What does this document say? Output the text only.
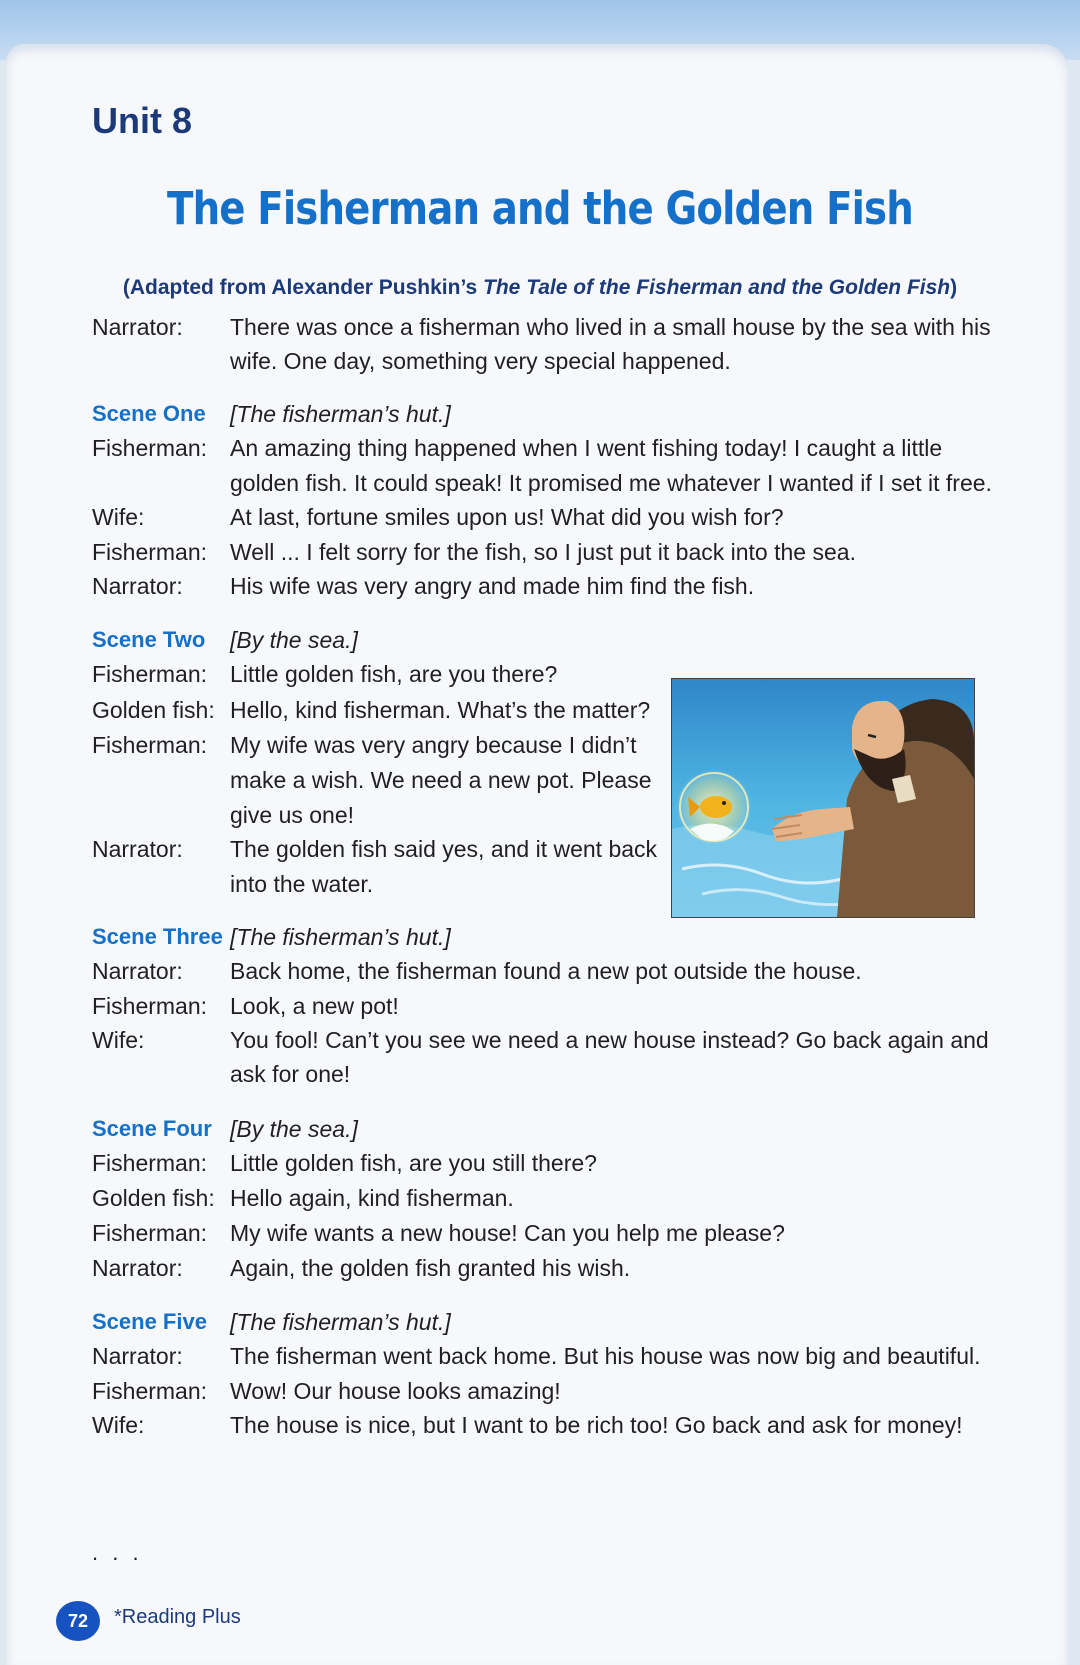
Unit 8
The Fisherman and the Golden Fish
(Adapted from Alexander Pushkin’s The Tale of the Fisherman and the Golden Fish)
Narrator:	There was once a fisherman who lived in a small house by the sea with his
wife. One day, something very special happened.
Scene One	[The fisherman’s hut.]
Fisherman: An amazing thing happened when I went fishing today! I caught a little
golden fish. It could speak! It promised me whatever I wanted if I set it free.
Wife:	At last, fortune smiles upon us! What did you wish for?
Fisherman: Well ... I felt sorry for the fish, so I just put it back into the sea.
Narrator:	His wife was very angry and made him find the fish.
Scene Two	[By the sea.]
Fisherman: Little golden fish, are you there?
Golden fish: Hello, kind fisherman. What’s the matter?
Fisherman: My wife was very angry because I didn’t
make a wish. We need a new pot. Please
give us one!
Narrator:	The golden fish said yes, and it went back
into the water.
Scene Three [The fisherman’s hut.]
Narrator:	Back home, the fisherman found a new pot outside the house.
Fisherman: Look, a new pot!
Wife:	You fool! Can’t you see we need a new house instead? Go back again and
ask for one!
Scene Four [By the sea.]
Fisherman: Little golden fish, are you still there?
Golden fish: Hello again, kind fisherman.
Fisherman: My wife wants a new house! Can you help me please?
Narrator:	Again, the golden fish granted his wish.
Scene Five	[The fisherman’s hut.]
Narrator:	The fisherman went back home. But his house was now big and beautiful.
Fisherman: Wow! Our house looks amazing!
Wife:	The house is nice, but I want to be rich too! Go back and ask for money!
. . .
72	*Reading Plus
